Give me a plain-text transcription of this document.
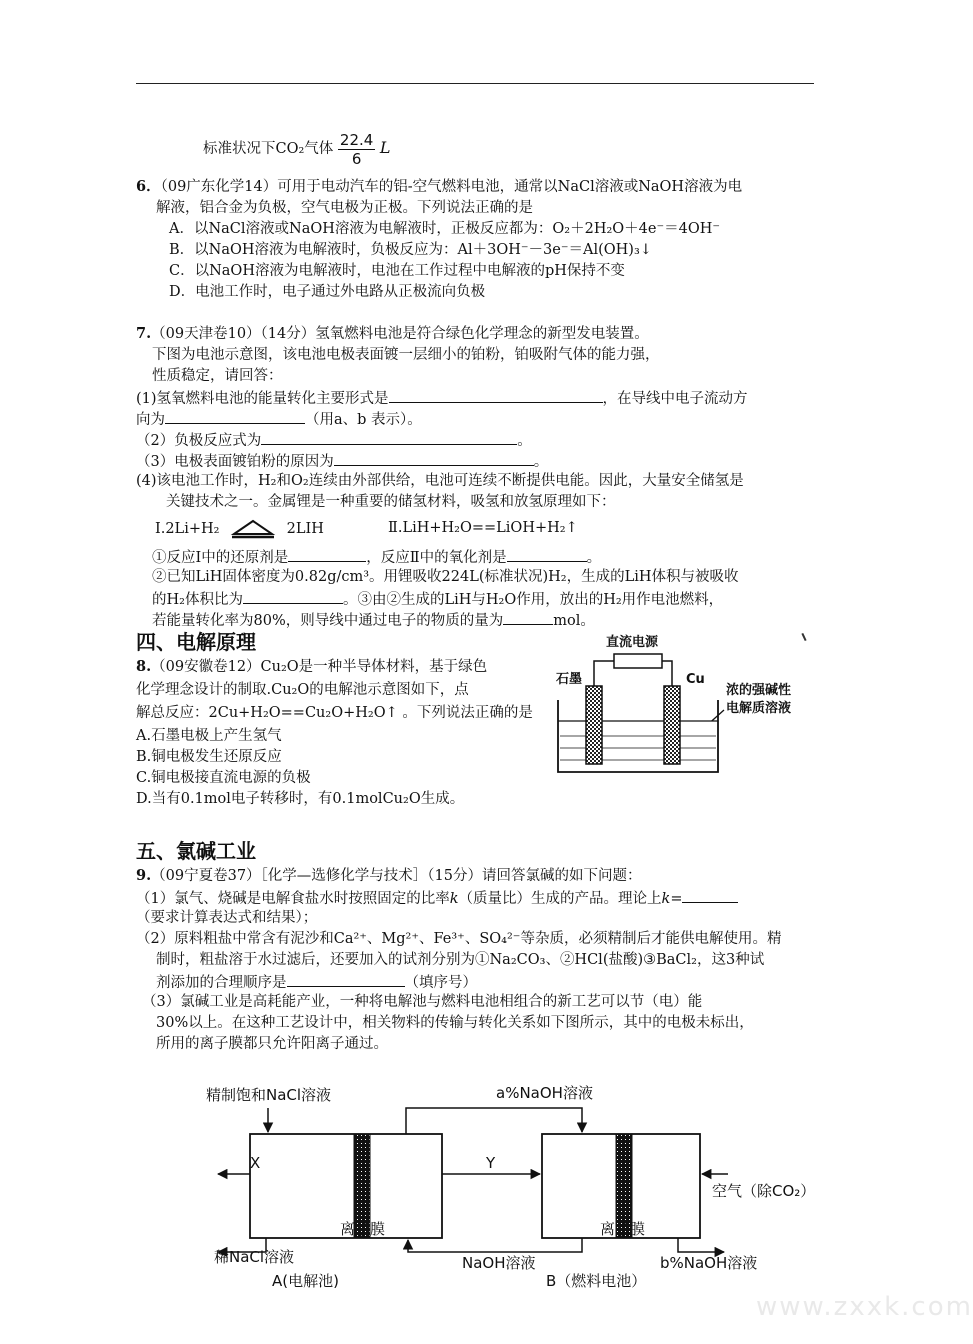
标准状况下CO₂气体 $\frac{22.4}{6}$ L
6．（09广东化学14）可用于电动汽车的铝-空气燃料电池，通常以NaCl溶液或NaOH溶液为电
解液，铝合金为负极，空气电极为正极。下列说法正确的是
A．以NaCl溶液或NaOH溶液为电解液时，正极反应都为：O₂＋2H₂O＋4e⁻＝4OH⁻
B．以NaOH溶液为电解液时，负极反应为：Al＋3OH⁻－3e⁻＝Al(OH)₃↓
C．以NaOH溶液为电解液时，电池在工作过程中电解液的pH保持不变
D．电池工作时，电子通过外电路从正极流向负极
7.（09天津卷10）（14分）氢氧燃料电池是符合绿色化学理念的新型发电装置。
下图为电池示意图，该电池电极表面镀一层细小的铂粉，铂吸附气体的能力强，
性质稳定，请回答：
(1)氢氧燃料电池的能量转化主要形式是	，在导线中电子流动方
向为	（用a、b 表示）。
（2）负极反应式为	。
（3）电极表面镀铂粉的原因为	。
(4)该电池工作时，H₂和O₂连续由外部供给，电池可连续不断提供电能。因此，大量安全储氢是
关键技术之一。金属锂是一种重要的储氢材料，吸氢和放氢原理如下：
Ⅰ.2Li+H₂	2LIH	Ⅱ.LiH+H₂O==LiOH+H₂↑
①反应Ⅰ中的还原剂是	，反应Ⅱ中的氧化剂是	。
②已知LiH固体密度为0.82g/cm³。用锂吸收224L(标准状况)H₂，生成的LiH体积与被吸收
的H₂体积比为	。③由②生成的LiH与H₂O作用，放出的H₂用作电池燃料，
若能量转化率为80%，则导线中通过电子的物质的量为	mol。
四、电解原理
8.（09安徽卷12）Cu₂O是一种半导体材料，基于绿色
化学理念设计的制取.Cu₂O的电解池示意图如下，点
解总反应：2Cu+H₂O==Cu₂O+H₂O↑ 。下列说法正确的是
A.石墨电极上产生氢气
B.铜电极发生还原反应
C.铜电极接直流电源的负极
D.当有0.1mol电子转移时，有0.1molCu₂O生成。
直流电源
石墨	Cu
浓的强碱性
电解质溶液
五、氯碱工业
9.（09宁夏卷37）［化学—选修化学与技术］（15分）请回答氯碱的如下问题：
（1）氯气、烧碱是电解食盐水时按照固定的比率k（质量比）生成的产品。理论上k=
（要求计算表达式和结果）；
（2）原料粗盐中常含有泥沙和Ca²⁺、Mg²⁺、Fe³⁺、SO₄²⁻等杂质，必须精制后才能供电解使用。精
制时，粗盐溶于水过滤后，还要加入的试剂分别为①Na₂CO₃、②HCl(盐酸)③BaCl₂，这3种试
剂添加的合理顺序是	（填序号）
（3）氯碱工业是高耗能产业，一种将电解池与燃料电池相组合的新工艺可以节（电）能
30%以上。在这种工艺设计中，相关物料的传输与转化关系如下图所示，其中的电极未标出，
所用的离子膜都只允许阳离子通过。
精制饱和NaCl溶液	a%NaOH溶液
X	Y
空气（除CO₂）
离子膜	离子膜
稀NaCl溶液	NaOH溶液	b%NaOH溶液
A(电解池)	B（燃料电池）
www.zxxk.com
